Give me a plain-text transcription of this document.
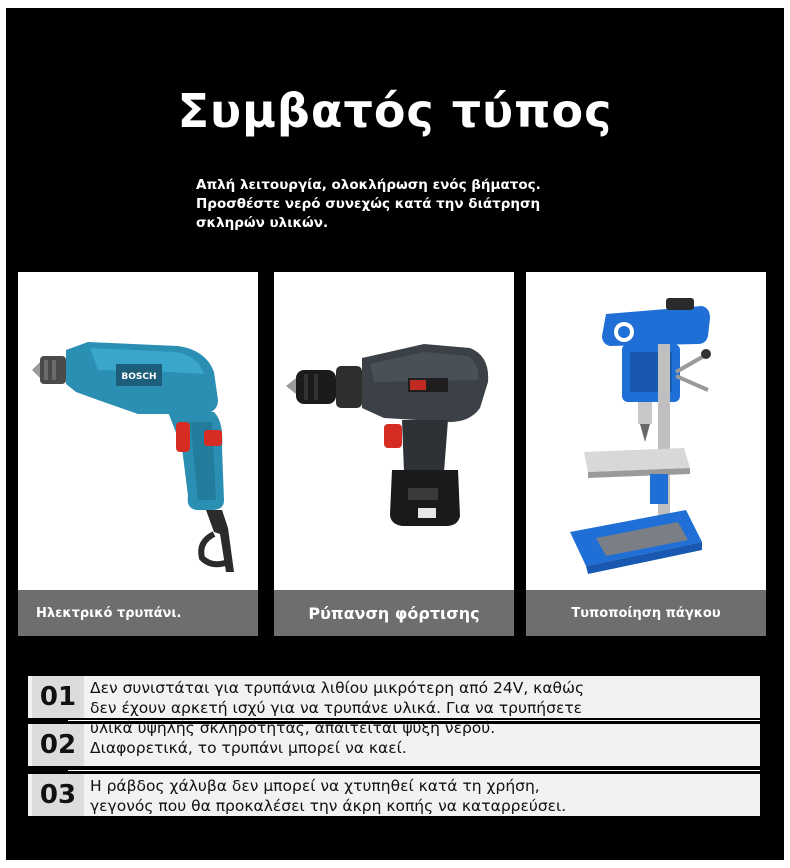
Συμβατός τύπος
Απλή λειτουργία, ολοκλήρωση ενός βήματος.
Προσθέστε νερό συνεχώς κατά την διάτρηση
σκληρών υλικών.
BOSCH
Ηλεκτρικό τρυπάνι.	Ρύπανση φόρτισης	Τυποποίηση πάγκου
01
02
03
Δεν συνιστάται για τρυπάνια λιθίου μικρότερη από 24V, καθώς
δεν έχουν αρκετή ισχύ για να τρυπάνε υλικά. Για να τρυπήσετε
υλικά υψηλής σκληρότητας, απαιτείται ψύξη νερού.
Διαφορετικά, το τρυπάνι μπορεί να καεί.
Η ράβδος χάλυβα δεν μπορεί να χτυπηθεί κατά τη χρήση,
γεγονός που θα προκαλέσει την άκρη κοπής να καταρρεύσει.
